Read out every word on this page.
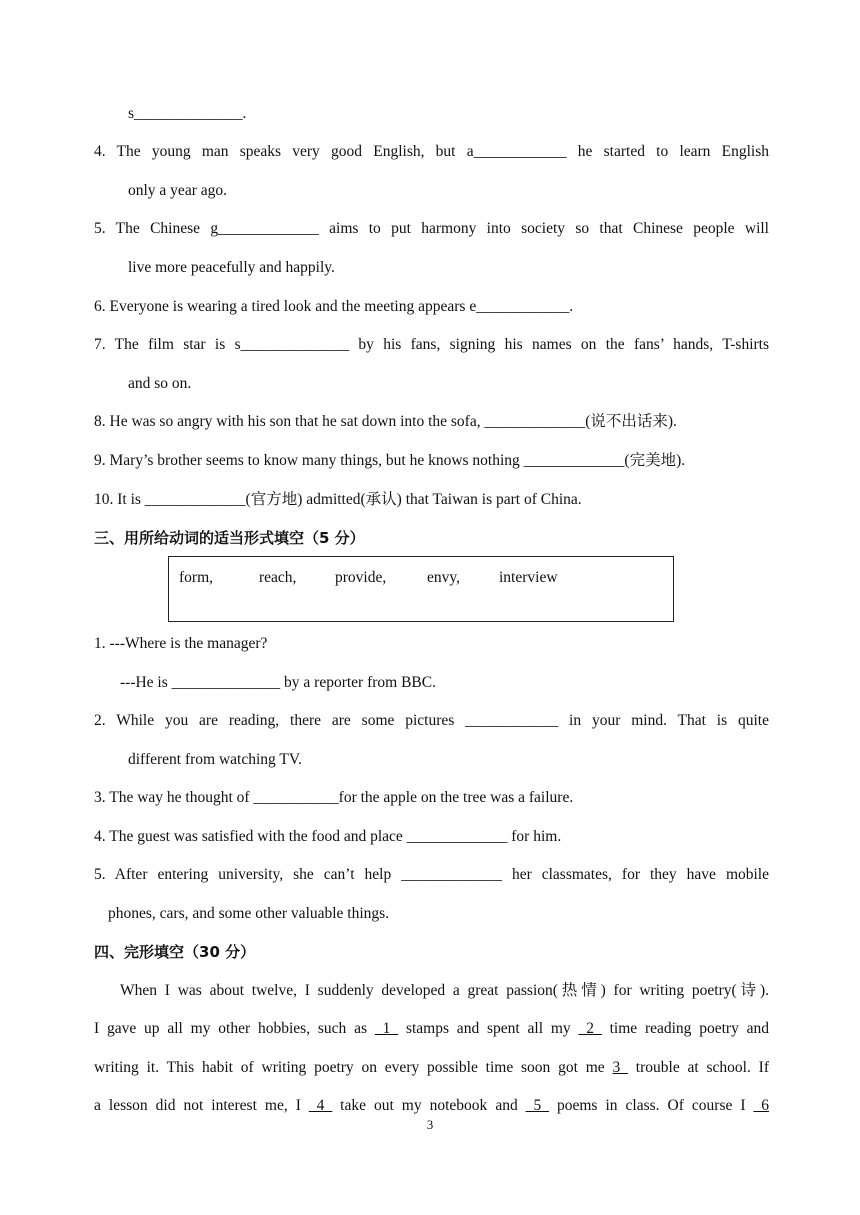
s______________.
4. The young man speaks very good English, but a____________ he started to learn English
only a year ago.
5. The Chinese g_____________ aims to put harmony into society so that Chinese people will
live more peacefully and happily.
6. Everyone is wearing a tired look and the meeting appears e____________.
7. The film star is s______________ by his fans, signing his names on the fans’ hands, T-shirts
and so on.
8. He was so angry with his son that he sat down into the sofa, _____________(说不出话来).
9. Mary’s brother seems to know many things, but he knows nothing _____________(完美地).
10. It is _____________(官方地) admitted(承认) that Taiwan is part of China.
三、用所给动词的适当形式填空（5 分）
form,	reach, provide,	envy,	interview
1. ---Where is the manager?
---He is ______________ by a reporter from BBC.
2. While you are reading, there are some pictures ____________ in your mind. That is quite
different from watching TV.
3. The way he thought of ___________for the apple on the tree was a failure.
4. The guest was satisfied with the food and place _____________ for him.
5. After entering university, she can’t help _____________ her classmates, for they have mobile
phones, cars, and some other valuable things.
四、完形填空（30 分）
When I was about twelve, I suddenly developed a great passion(热情) for writing poetry(诗).
I gave up all my other hobbies, such as _1_ stamps and spent all my _2_ time reading poetry and
writing it. This habit of writing poetry on every possible time soon got me 3_ trouble at school. If
a lesson did not interest me, I _4_ take out my notebook and _5_ poems in class. Of course I _6
3
